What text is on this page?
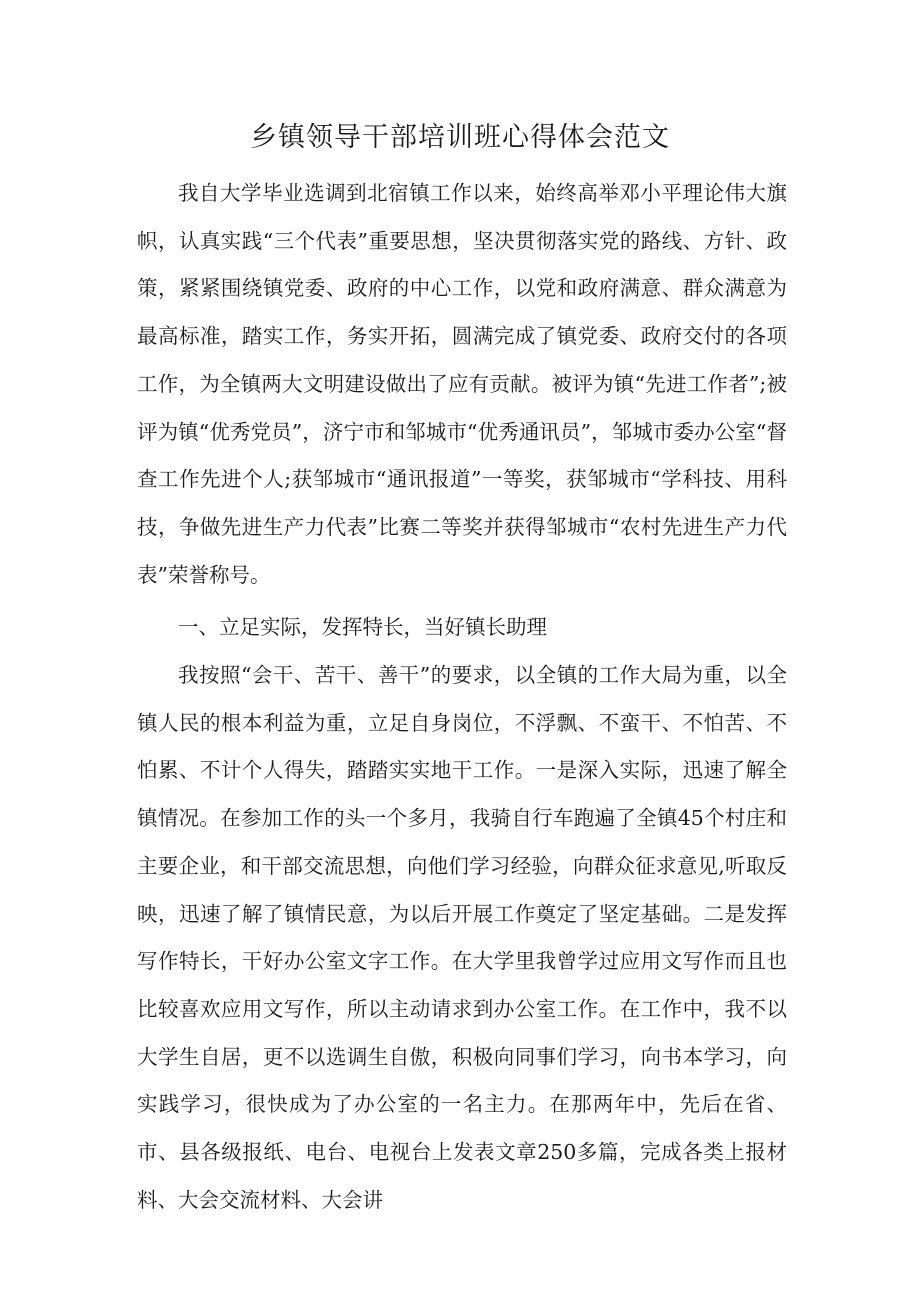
乡镇领导干部培训班心得体会范文

我自大学毕业选调到北宿镇工作以来，始终高举邓小平理论伟大旗帜，认真实践“三个代表”重要思想，坚决贯彻落实党的路线、方针、政策，紧紧围绕镇党委、政府的中心工作，以党和政府满意、群众满意为最高标准，踏实工作，务实开拓，圆满完成了镇党委、政府交付的各项工作，为全镇两大文明建设做出了应有贡献。被评为镇“先进工作者”;被评为镇“优秀党员”，济宁市和邹城市“优秀通讯员”，邹城市委办公室“督查工作先进个人;获邹城市“通讯报道”一等奖，获邹城市“学科技、用科技，争做先进生产力代表”比赛二等奖并获得邹城市“农村先进生产力代表”荣誉称号。

一、立足实际，发挥特长，当好镇长助理

我按照“会干、苦干、善干”的要求，以全镇的工作大局为重，以全镇人民的根本利益为重，立足自身岗位，不浮飘、不蛮干、不怕苦、不怕累、不计个人得失，踏踏实实地干工作。一是深入实际，迅速了解全镇情况。在参加工作的头一个多月，我骑自行车跑遍了全镇45个村庄和主要企业，和干部交流思想，向他们学习经验，向群众征求意见,听取反映，迅速了解了镇情民意，为以后开展工作奠定了坚定基础。二是发挥写作特长，干好办公室文字工作。在大学里我曾学过应用文写作而且也比较喜欢应用文写作，所以主动请求到办公室工作。在工作中，我不以大学生自居，更不以选调生自傲，积极向同事们学习，向书本学习，向实践学习，很快成为了办公室的一名主力。在那两年中，先后在省、市、县各级报纸、电台、电视台上发表文章250多篇，完成各类上报材料、大会交流材料、大会讲
